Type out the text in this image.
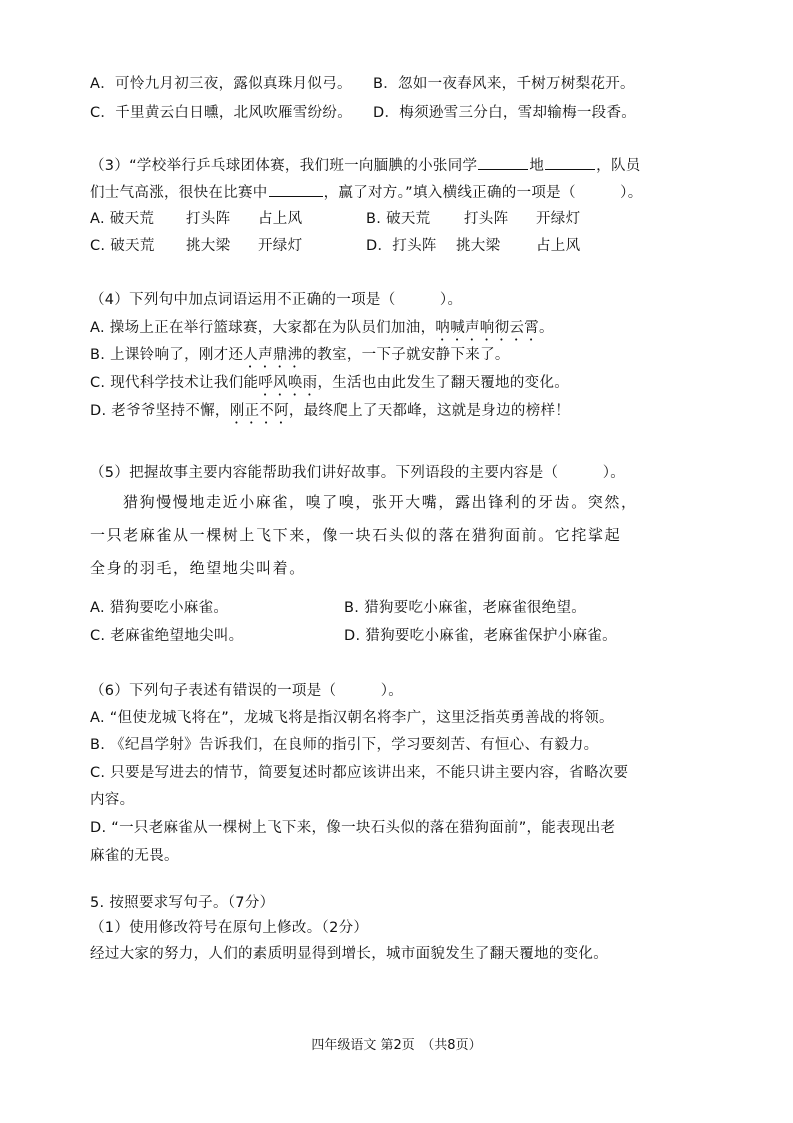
A．可怜九月初三夜，露似真珠月似弓。 B．忽如一夜春风来，千树万树梨花开。
C．千里黄云白日曛，北风吹雁雪纷纷。 D．梅须逊雪三分白，雪却输梅一段香。
（3）“学校举行乒乓球团体赛，我们班一向腼腆的小张同学	地	，队员
们士气高涨，很快在比赛中	，赢了对方。”填入横线正确的一项是（　　　）。
A. 破天荒 打头阵 占上风	B. 破天荒 打头阵 开绿灯
C. 破天荒 挑大梁 开绿灯	D．打头阵 挑大梁 占上风
（4）下列句中加点词语运用不正确的一项是（　　　）。
A. 操场上正在举行篮球赛，大家都在为队员们加油，呐喊声响彻云霄。
B. 上课铃响了，刚才还人声鼎沸的教室，一下子就安静下来了。
C. 现代科学技术让我们能呼风唤雨，生活也由此发生了翻天覆地的变化。
D. 老爷爷坚持不懈，刚正不阿，最终爬上了天都峰，这就是身边的榜样！
（5）把握故事主要内容能帮助我们讲好故事。下列语段的主要内容是（　　　）。
猎狗慢慢地走近小麻雀，嗅了嗅，张开大嘴，露出锋利的牙齿。突然，
一只老麻雀从一棵树上飞下来，像一块石头似的落在猎狗面前。它挓挲起
全身的羽毛，绝望地尖叫着。
A. 猎狗要吃小麻雀。	B. 猎狗要吃小麻雀，老麻雀很绝望。
C. 老麻雀绝望地尖叫。	D. 猎狗要吃小麻雀，老麻雀保护小麻雀。
（6）下列句子表述有错误的一项是（　　　）。
A. “但使龙城飞将在”，龙城飞将是指汉朝名将李广，这里泛指英勇善战的将领。
B. 《纪昌学射》告诉我们，在良师的指引下，学习要刻苦、有恒心、有毅力。
C. 只要是写进去的情节，简要复述时都应该讲出来，不能只讲主要内容，省略次要
内容。
D. “一只老麻雀从一棵树上飞下来，像一块石头似的落在猎狗面前”，能表现出老
麻雀的无畏。
5. 按照要求写句子。（7分）
（1）使用修改符号在原句上修改。（2分）
经过大家的努力，人们的素质明显得到增长，城市面貌发生了翻天覆地的变化。
四年级语文 第2页　（共8页）
